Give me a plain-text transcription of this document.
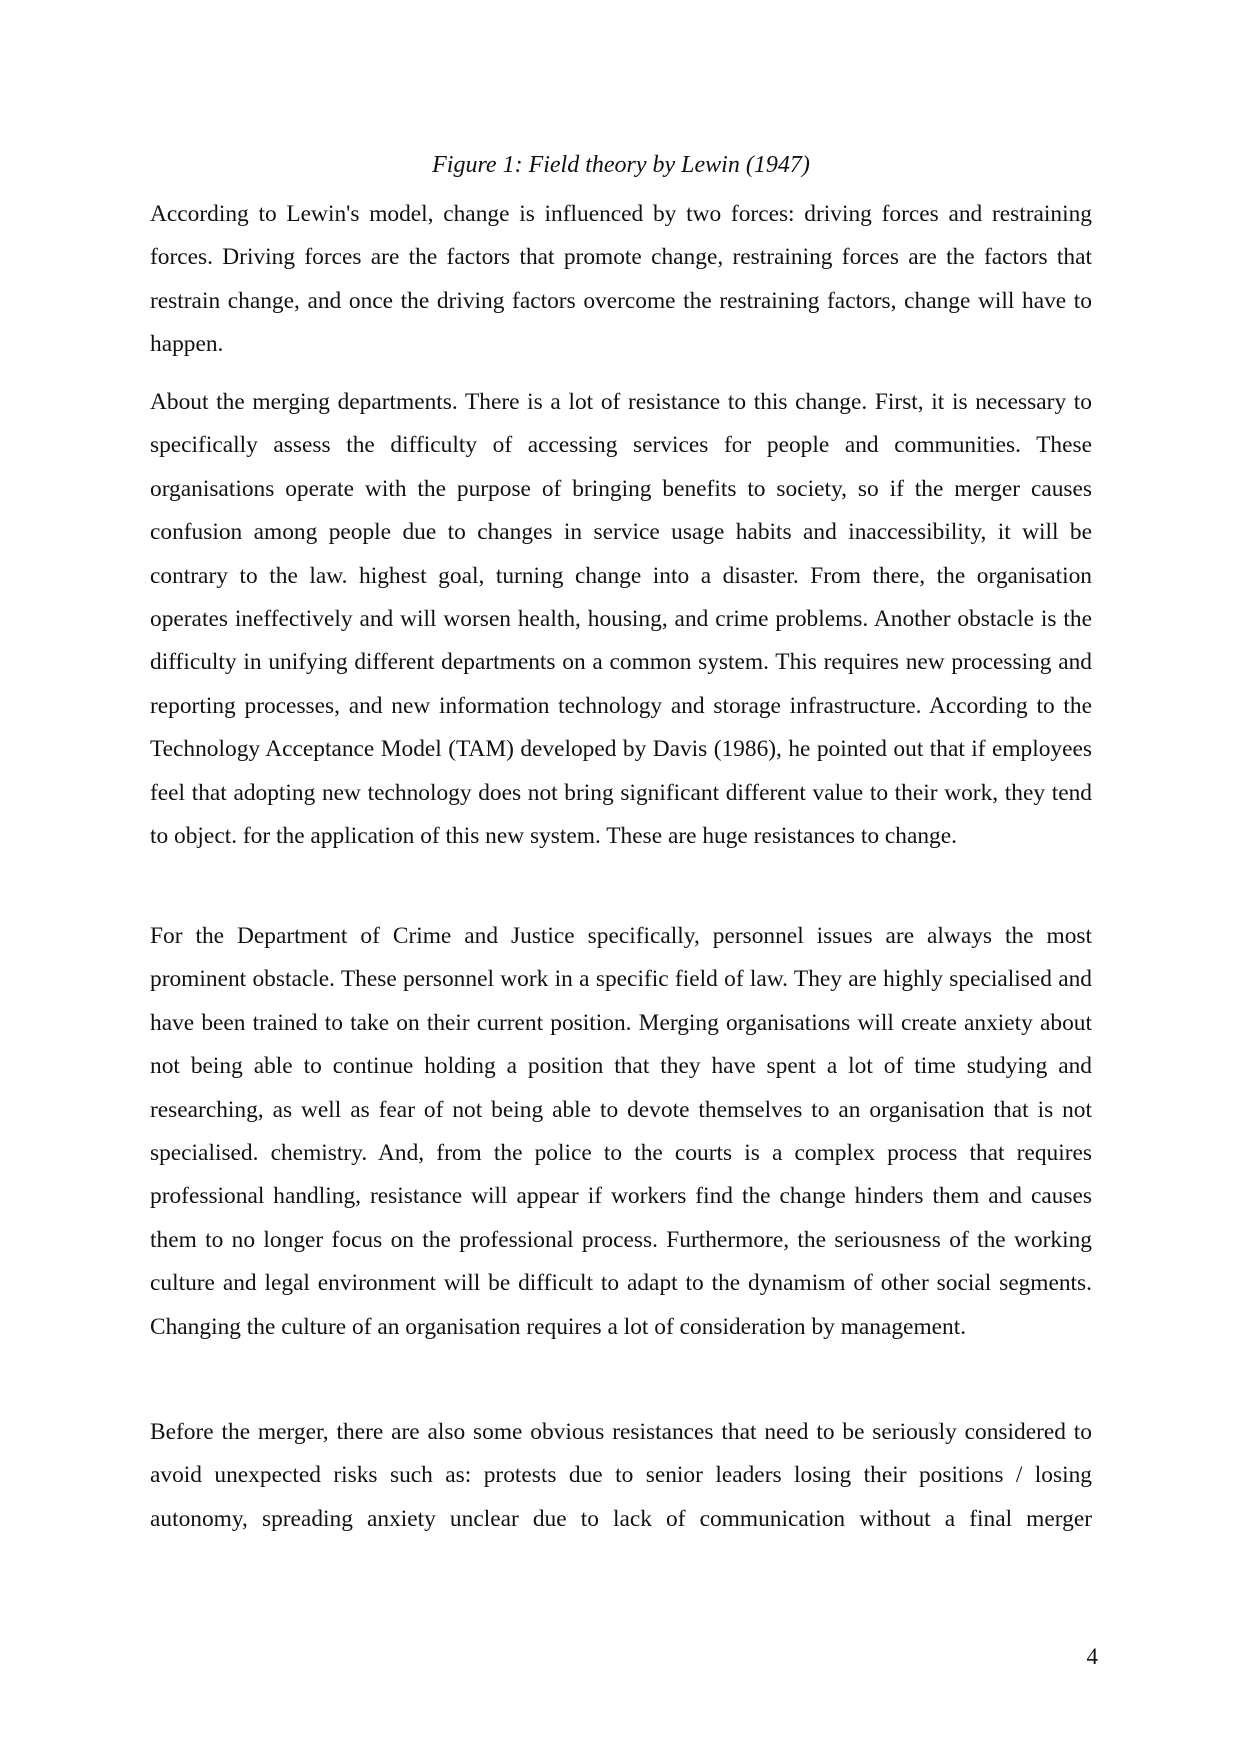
Figure 1: Field theory by Lewin (1947)

According to Lewin's model, change is influenced by two forces: driving forces and restraining forces. Driving forces are the factors that promote change, restraining forces are the factors that restrain change, and once the driving factors overcome the restraining factors, change will have to happen.

About the merging departments. There is a lot of resistance to this change. First, it is necessary to specifically assess the difficulty of accessing services for people and communities. These organisations operate with the purpose of bringing benefits to society, so if the merger causes confusion among people due to changes in service usage habits and inaccessibility, it will be contrary to the law. highest goal, turning change into a disaster. From there, the organisation operates ineffectively and will worsen health, housing, and crime problems. Another obstacle is the difficulty in unifying different departments on a common system. This requires new processing and reporting processes, and new information technology and storage infrastructure. According to the Technology Acceptance Model (TAM) developed by Davis (1986), he pointed out that if employees feel that adopting new technology does not bring significant different value to their work, they tend to object. for the application of this new system. These are huge resistances to change.

For the Department of Crime and Justice specifically, personnel issues are always the most prominent obstacle. These personnel work in a specific field of law. They are highly specialised and have been trained to take on their current position. Merging organisations will create anxiety about not being able to continue holding a position that they have spent a lot of time studying and researching, as well as fear of not being able to devote themselves to an organisation that is not specialised. chemistry. And, from the police to the courts is a complex process that requires professional handling, resistance will appear if workers find the change hinders them and causes them to no longer focus on the professional process. Furthermore, the seriousness of the working culture and legal environment will be difficult to adapt to the dynamism of other social segments. Changing the culture of an organisation requires a lot of consideration by management.

Before the merger, there are also some obvious resistances that need to be seriously considered to avoid unexpected risks such as: protests due to senior leaders losing their positions / losing autonomy, spreading anxiety unclear due to lack of communication without a final merger

4
